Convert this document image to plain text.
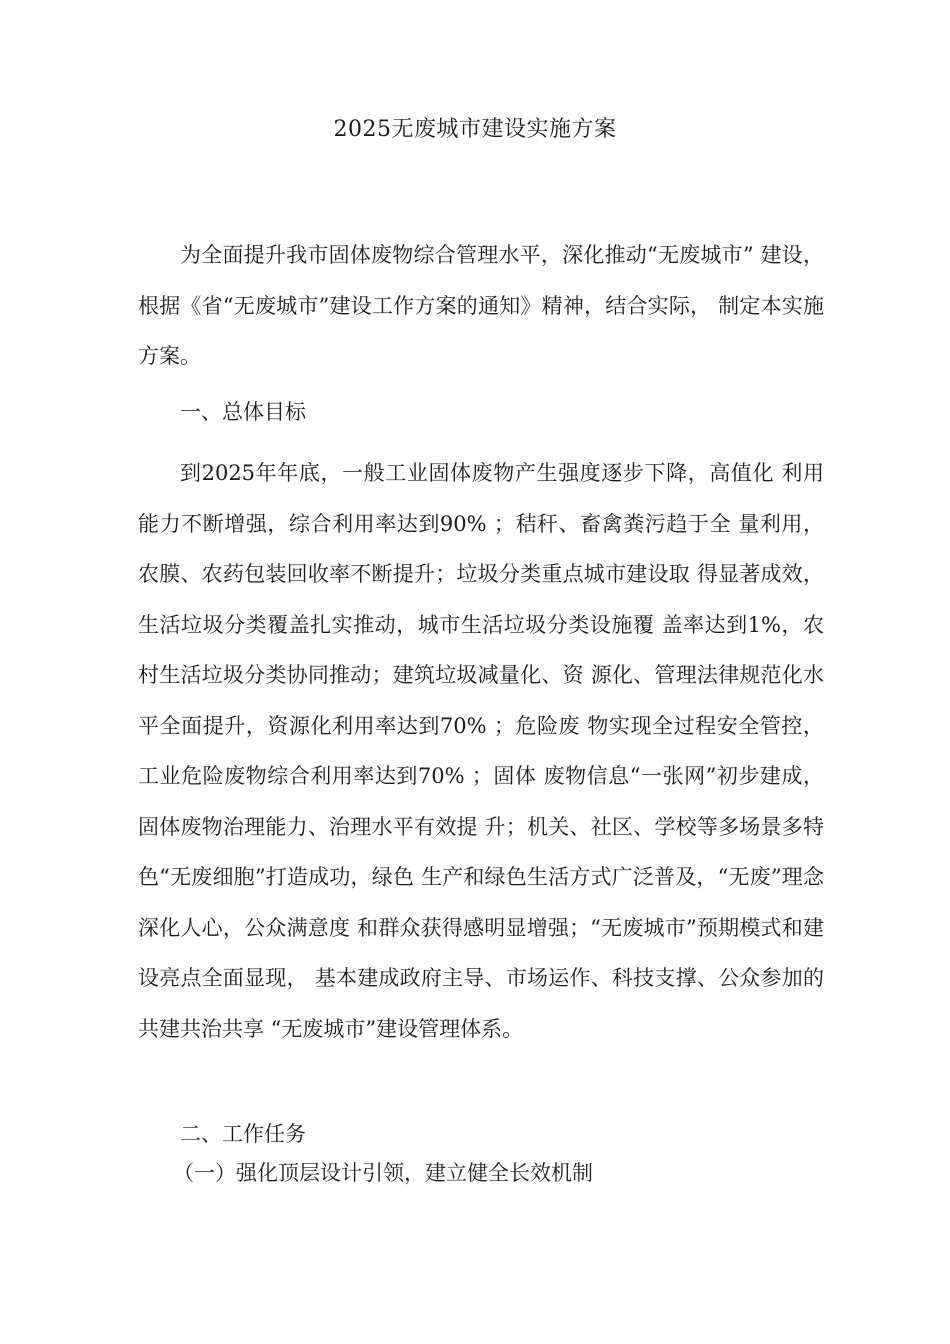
2025无废城市建设实施方案

为全面提升我市固体废物综合管理水平，深化推动“无废城市” 建设，根据《省“无废城市”建设工作方案的通知》精神，结合实际， 制定本实施方案。

一、总体目标

到2025年年底，一般工业固体废物产生强度逐步下降，高值化 利用能力不断增强，综合利用率达到90% ；秸秆、畜禽粪污趋于全 量利用，农膜、农药包装回收率不断提升；垃圾分类重点城市建设取 得显著成效，生活垃圾分类覆盖扎实推动，城市生活垃圾分类设施覆 盖率达到1%，农村生活垃圾分类协同推动；建筑垃圾减量化、资 源化、管理法律规范化水平全面提升，资源化利用率达到70% ；危险废 物实现全过程安全管控，工业危险废物综合利用率达到70% ；固体 废物信息“一张网”初步建成，固体废物治理能力、治理水平有效提 升；机关、社区、学校等多场景多特色“无废细胞”打造成功，绿色 生产和绿色生活方式广泛普及，“无废”理念深化人心，公众满意度 和群众获得感明显增强；“无废城市”预期模式和建设亮点全面显现， 基本建成政府主导、市场运作、科技支撑、公众参加的共建共治共享 “无废城市”建设管理体系。

二、工作任务

（一）强化顶层设计引领，建立健全长效机制
